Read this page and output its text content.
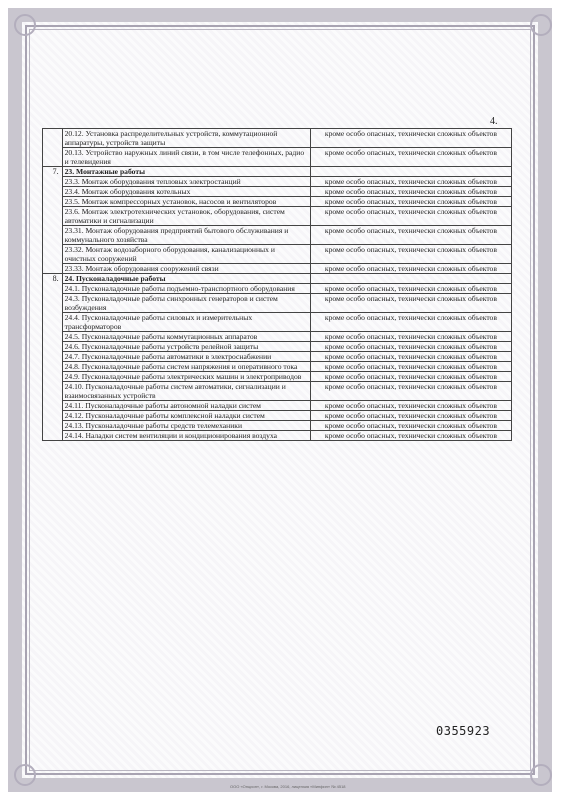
4.
	20.12. Установка распределительных устройств, коммутационной аппаратуры, устройств защиты	кроме особо опасных, технически сложных объектов
	20.13. Устройство наружных линий связи, в том числе телефонных, радио и телевидения	кроме особо опасных, технически сложных объектов
7.	23. Монтажные работы	
	23.3. Монтаж оборудования тепловых электростанций	кроме особо опасных, технически сложных объектов
	23.4. Монтаж оборудования котельных	кроме особо опасных, технически сложных объектов
	23.5. Монтаж компрессорных установок, насосов и вентиляторов	кроме особо опасных, технически сложных объектов
	23.6. Монтаж электротехнических установок, оборудования, систем автоматики и сигнализации	кроме особо опасных, технически сложных объектов
	23.31. Монтаж оборудования предприятий бытового обслуживания и коммунального хозяйства	кроме особо опасных, технически сложных объектов
	23.32. Монтаж водозаборного оборудования, канализационных и очистных сооружений	кроме особо опасных, технически сложных объектов
	23.33. Монтаж оборудования сооружений связи	кроме особо опасных, технически сложных объектов
8.	24. Пусконаладочные работы	
	24.1. Пусконаладочные работы подъемно-транспортного оборудования	кроме особо опасных, технически сложных объектов
	24.3. Пусконаладочные работы синхронных генераторов и систем возбуждения	кроме особо опасных, технически сложных объектов
	24.4. Пусконаладочные работы силовых и измерительных трансформаторов	кроме особо опасных, технически сложных объектов
	24.5. Пусконаладочные работы коммутационных аппаратов	кроме особо опасных, технически сложных объектов
	24.6. Пусконаладочные работы устройств релейной защиты	кроме особо опасных, технически сложных объектов
	24.7. Пусконаладочные работы автоматики в электроснабжении	кроме особо опасных, технически сложных объектов
	24.8. Пусконаладочные работы систем напряжения и оперативного тока	кроме особо опасных, технически сложных объектов
	24.9. Пусконаладочные работы электрических машин и электроприводов	кроме особо опасных, технически сложных объектов
	24.10. Пусконаладочные работы систем автоматики, сигнализации и взаимосвязанных устройств	кроме особо опасных, технически сложных объектов
	24.11. Пусконаладочные работы автономной наладки систем	кроме особо опасных, технически сложных объектов
	24.12. Пусконаладочные работы комплексной наладки систем	кроме особо опасных, технически сложных объектов
	24.13. Пусконаладочные работы средств телемеханики	кроме особо опасных, технически сложных объектов
	24.14. Наладки систем вентиляции и кондиционирования воздуха	кроме особо опасных, технически сложных объектов
0355923
ООО «Опцион», г. Москва, 2016, лицензия «Минфин» № 4518
